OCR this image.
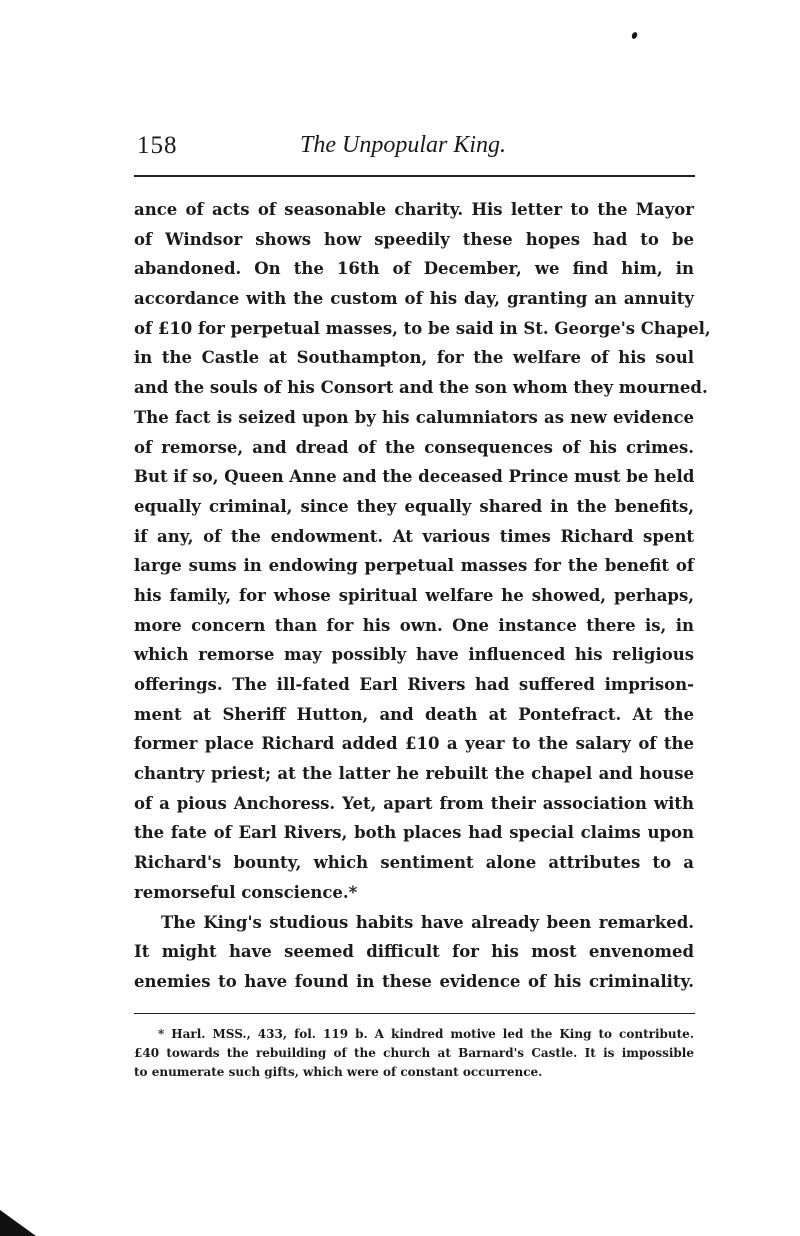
158	The Unpopular King.
ance of acts of seasonable charity. His letter to the Mayor
of Windsor shows how speedily these hopes had to be
abandoned. On the 16th of December, we find him, in
accordance with the custom of his day, granting an annuity
of £10 for perpetual masses, to be said in St. George's Chapel,
in the Castle at Southampton, for the welfare of his soul
and the souls of his Consort and the son whom they mourned.
The fact is seized upon by his calumniators as new evidence
of remorse, and dread of the consequences of his crimes.
But if so, Queen Anne and the deceased Prince must be held
equally criminal, since they equally shared in the benefits,
if any, of the endowment. At various times Richard spent
large sums in endowing perpetual masses for the benefit of
his family, for whose spiritual welfare he showed, perhaps,
more concern than for his own. One instance there is, in
which remorse may possibly have influenced his religious
offerings. The ill-fated Earl Rivers had suffered imprison-
ment at Sheriff Hutton, and death at Pontefract. At the
former place Richard added £10 a year to the salary of the
chantry priest; at the latter he rebuilt the chapel and house
of a pious Anchoress. Yet, apart from their association with
the fate of Earl Rivers, both places had special claims upon
Richard's bounty, which sentiment alone attributes to a
remorseful conscience.*
The King's studious habits have already been remarked.
It might have seemed difficult for his most envenomed
enemies to have found in these evidence of his criminality.
* Harl. MSS., 433, fol. 119 b. A kindred motive led the King to contribute.
£40 towards the rebuilding of the church at Barnard's Castle. It is impossible
to enumerate such gifts, which were of constant occurrence.
